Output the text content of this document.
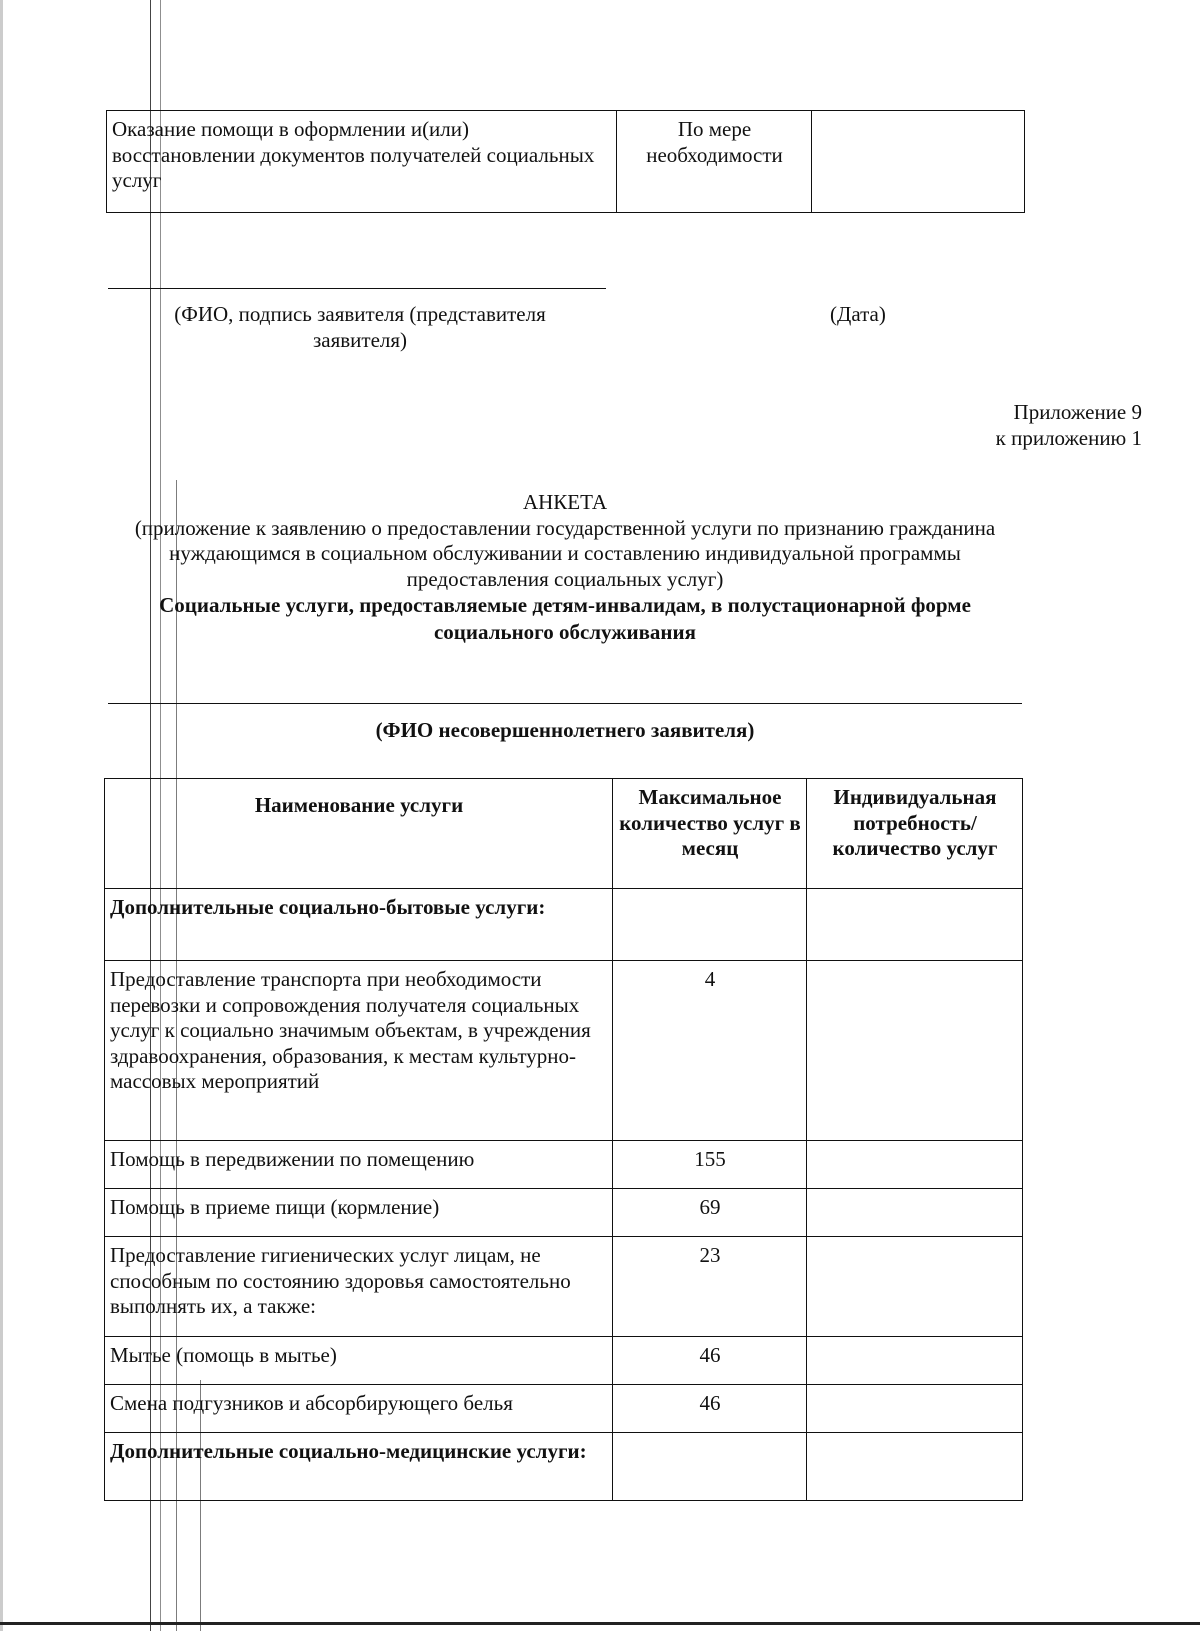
Оказание помощи в оформлении и(или) восстановлении документов получателей социальных услуг	По мере необходимости	
(ФИО, подпись заявителя (представителя заявителя)
(Дата)
Приложение 9
к приложению 1
АНКЕТА
(приложение к заявлению о предоставлении государственной услуги по признанию гражданина нуждающимся в социальном обслуживании и составлению индивидуальной программы предоставления социальных услуг)
Социальные услуги, предоставляемые детям-инвалидам, в полустационарной форме социального обслуживания
(ФИО несовершеннолетнего заявителя)
Наименование услуги	Максимальное количество услуг в месяц	Индивидуальная потребность/количество услуг
Дополнительные социально-бытовые услуги:		
Предоставление транспорта при необходимости перевозки и сопровождения получателя социальных услуг к социально значимым объектам, в учреждения здравоохранения, образования, к местам культурно-массовых мероприятий	4	
Помощь в передвижении по помещению	155	
Помощь в приеме пищи (кормление)	69	
Предоставление гигиенических услуг лицам, не способным по состоянию здоровья самостоятельно выполнять их, а также:	23	
Мытье (помощь в мытье)	46	
Смена подгузников и абсорбирующего белья	46	
Дополнительные социально-медицинские услуги:		
